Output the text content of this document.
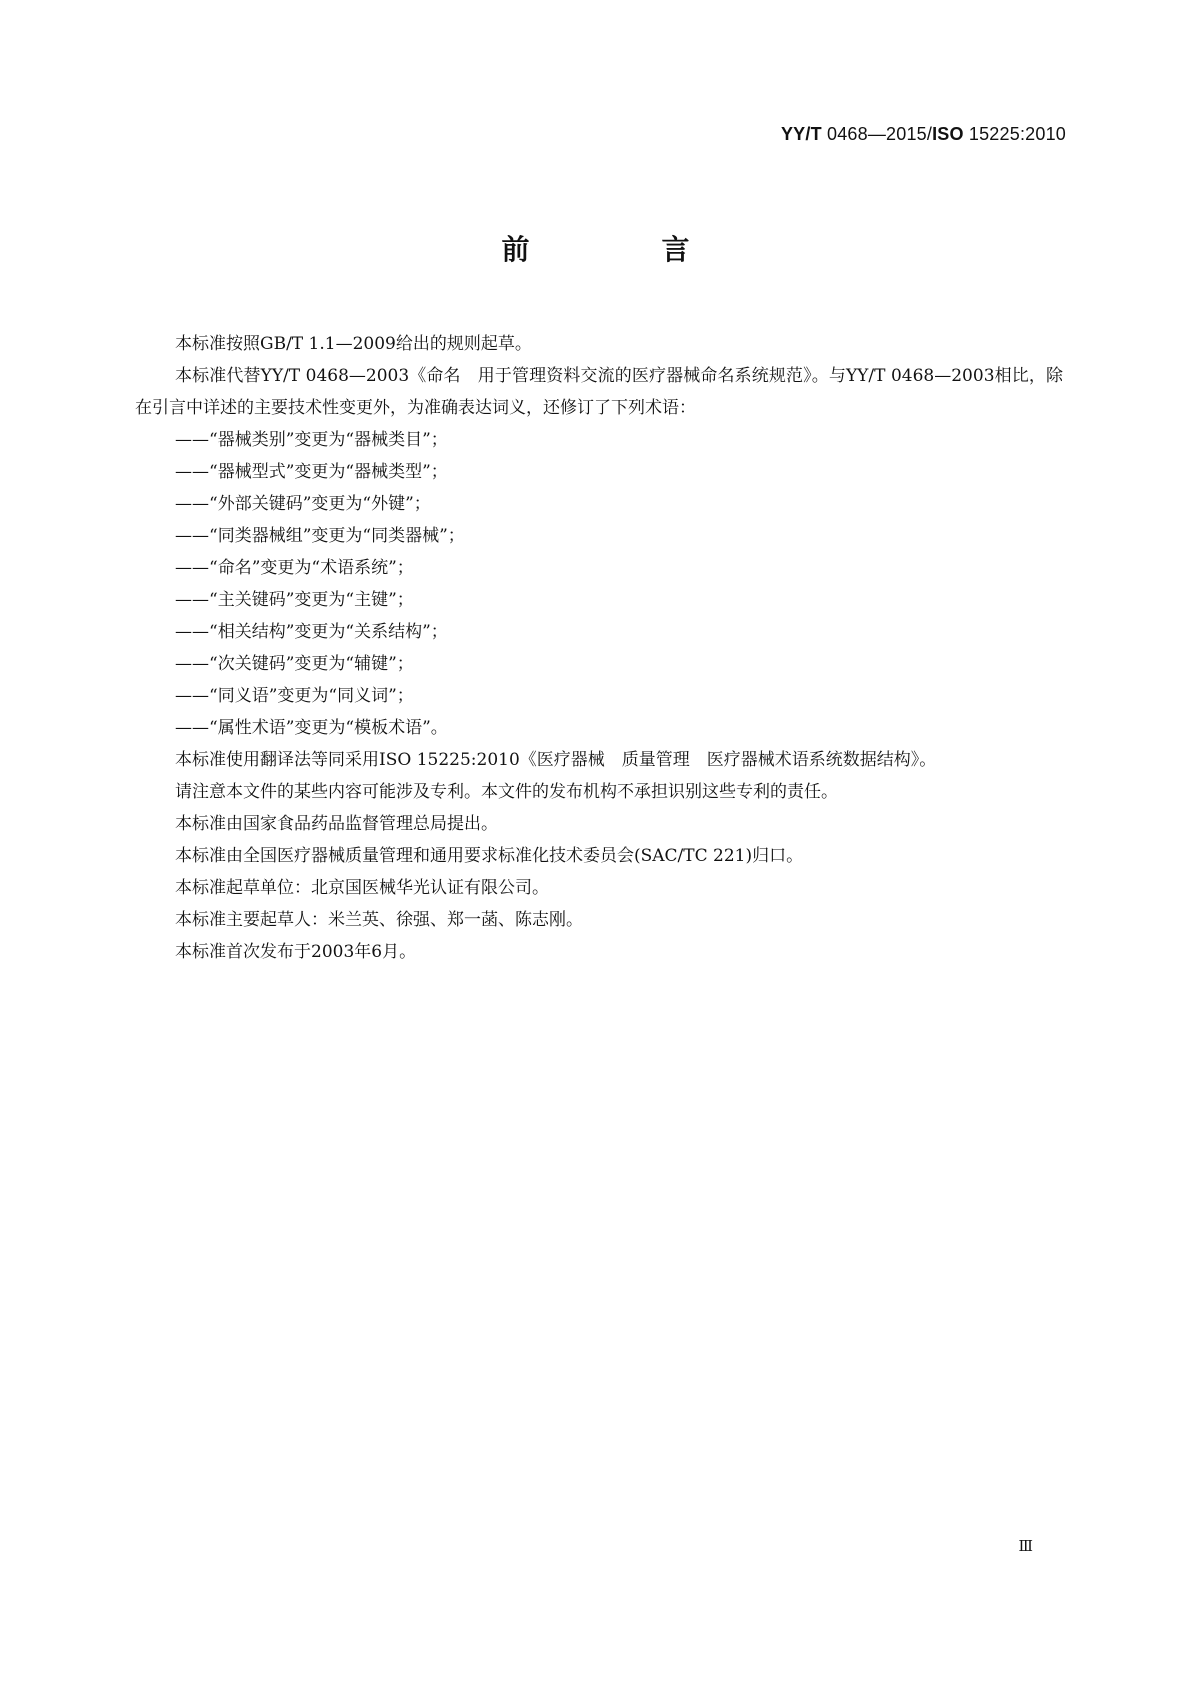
YY/T 0468—2015/ISO 15225:2010
前　言

本标准按照GB/T 1.1—2009给出的规则起草。

本标准代替YY/T 0468—2003《命名　用于管理资料交流的医疗器械命名系统规范》。与YY/T 0468—2003相比，除在引言中详述的主要技术性变更外，为准确表达词义，还修订了下列术语：

——“器械类别”变更为“器械类目”；

——“器械型式”变更为“器械类型”；

——“外部关键码”变更为“外键”；

——“同类器械组”变更为“同类器械”；

——“命名”变更为“术语系统”；

——“主关键码”变更为“主键”；

——“相关结构”变更为“关系结构”；

——“次关键码”变更为“辅键”；

——“同义语”变更为“同义词”；

——“属性术语”变更为“模板术语”。

本标准使用翻译法等同采用ISO 15225:2010《医疗器械　质量管理　医疗器械术语系统数据结构》。

请注意本文件的某些内容可能涉及专利。本文件的发布机构不承担识别这些专利的责任。

本标准由国家食品药品监督管理总局提出。

本标准由全国医疗器械质量管理和通用要求标准化技术委员会(SAC/TC 221)归口。

本标准起草单位：北京国医械华光认证有限公司。

本标准主要起草人：米兰英、徐强、郑一菡、陈志刚。

本标准首次发布于2003年6月。

Ⅲ
